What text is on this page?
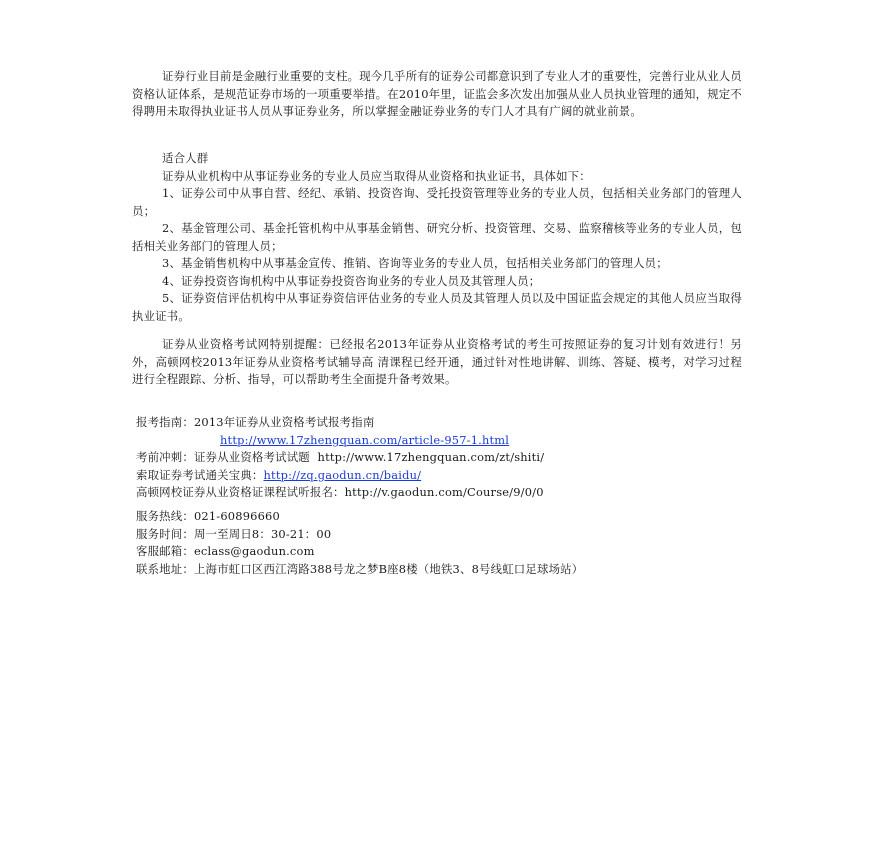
证券行业目前是金融行业重要的支柱。现今几乎所有的证券公司都意识到了专业人才的重要性，完善行业从业人员资格认证体系，是规范证券市场的一项重要举措。在2010年里，证监会多次发出加强从业人员执业管理的通知，规定不得聘用未取得执业证书人员从事证券业务，所以掌握金融证券业务的专门人才具有广阔的就业前景。

适合人群

证券从业机构中从事证券业务的专业人员应当取得从业资格和执业证书，具体如下：

1、证券公司中从事自营、经纪、承销、投资咨询、受托投资管理等业务的专业人员，包括相关业务部门的管理人员；

2、基金管理公司、基金托管机构中从事基金销售、研究分析、投资管理、交易、监察稽核等业务的专业人员，包括相关业务部门的管理人员；

3、基金销售机构中从事基金宣传、推销、咨询等业务的专业人员，包括相关业务部门的管理人员；

4、证券投资咨询机构中从事证券投资咨询业务的专业人员及其管理人员；

5、证券资信评估机构中从事证券资信评估业务的专业人员及其管理人员以及中国证监会规定的其他人员应当取得执业证书。

证券从业资格考试网特别提醒：已经报名2013年证券从业资格考试的考生可按照证券的复习计划有效进行！另外，高顿网校2013年证券从业资格考试辅导高 清课程已经开通，通过针对性地讲解、训练、答疑、模考，对学习过程进行全程跟踪、分析、指导，可以帮助考生全面提升备考效果。

报考指南：2013年证券从业资格考试报考指南
http://www.17zhengquan.com/article-957-1.html
考前冲刺：证券从业资格考试试题 http://www.17zhengquan.com/zt/shiti/
索取证券考试通关宝典：http://zq.gaodun.cn/baidu/
高顿网校证券从业资格证课程试听报名：http://v.gaodun.com/Course/9/0/0
服务热线：021-60896660
服务时间：周一至周日8：30-21：00
客服邮箱：eclass@gaodun.com
联系地址：上海市虹口区西江湾路388号龙之梦B座8楼（地铁3、8号线虹口足球场站）
